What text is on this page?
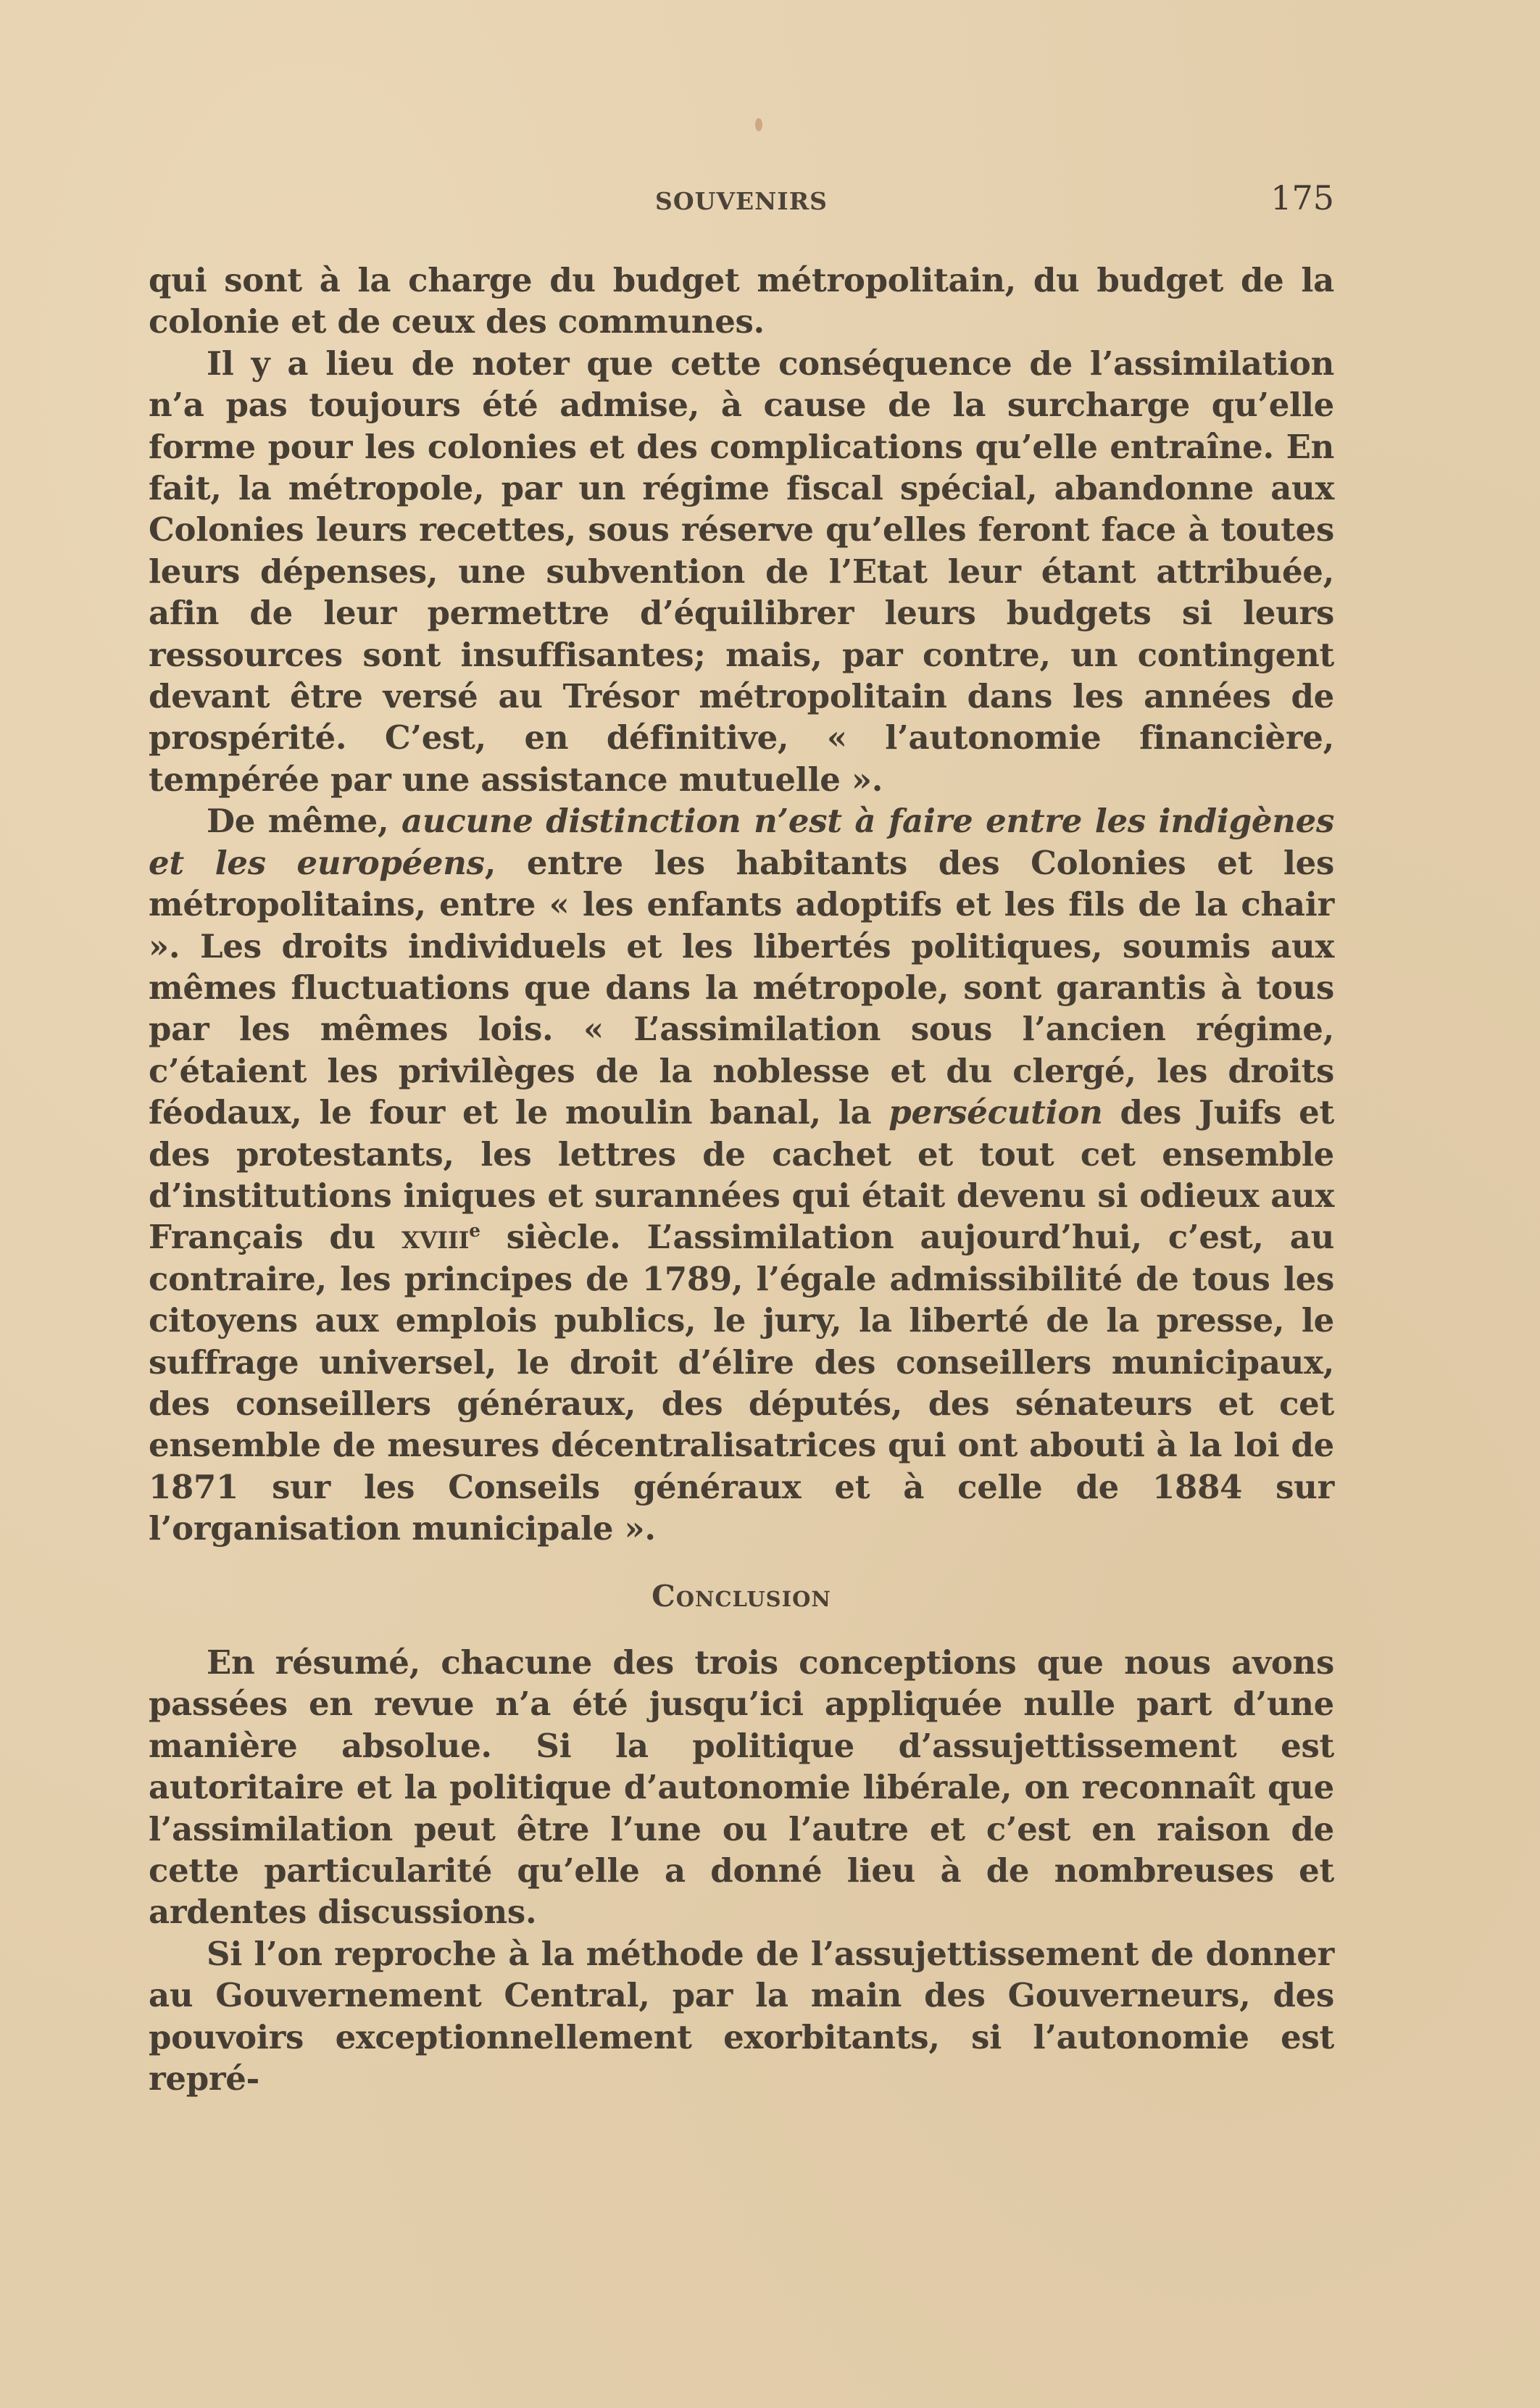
SOUVENIRS	175

qui sont à la charge du budget métropolitain, du budget de la colonie et de ceux des communes.

Il y a lieu de noter que cette conséquence de l’assimilation n’a pas toujours été admise, à cause de la surcharge qu’elle forme pour les colonies et des complications qu’elle entraîne. En fait, la métropole, par un régime fiscal spécial, abandonne aux Colonies leurs recettes, sous réserve qu’elles feront face à toutes leurs dépenses, une subvention de l’Etat leur étant attribuée, afin de leur permettre d’équilibrer leurs budgets si leurs ressources sont insuffisantes; mais, par contre, un contingent devant être versé au Trésor métropolitain dans les années de prospérité. C’est, en définitive, « l’autonomie financière, tempérée par une assistance mutuelle ».

De même, aucune distinction n’est à faire entre les indigènes et les européens, entre les habitants des Colonies et les métropolitains, entre « les enfants adoptifs et les fils de la chair ». Les droits individuels et les libertés politiques, soumis aux mêmes fluctuations que dans la métropole, sont garantis à tous par les mêmes lois. « L’assimilation sous l’ancien régime, c’étaient les privilèges de la noblesse et du clergé, les droits féodaux, le four et le moulin banal, la persécution des Juifs et des protestants, les lettres de cachet et tout cet ensemble d’institutions iniques et surannées qui était devenu si odieux aux Français du xviii$^e$ siècle. L’assimilation aujourd’hui, c’est, au contraire, les principes de 1789, l’égale admissibilité de tous les citoyens aux emplois publics, le jury, la liberté de la presse, le suffrage universel, le droit d’élire des conseillers municipaux, des conseillers généraux, des députés, des sénateurs et cet ensemble de mesures décentralisatrices qui ont abouti à la loi de 1871 sur les Conseils généraux et à celle de 1884 sur l’organisation municipale ».

Conclusion

En résumé, chacune des trois conceptions que nous avons passées en revue n’a été jusqu’ici appliquée nulle part d’une manière absolue. Si la politique d’assujettissement est autoritaire et la politique d’autonomie libérale, on reconnaît que l’assimilation peut être l’une ou l’autre et c’est en raison de cette particularité qu’elle a donné lieu à de nombreuses et ardentes discussions.

Si l’on reproche à la méthode de l’assujettissement de donner au Gouvernement Central, par la main des Gouverneurs, des pouvoirs exceptionnellement exorbitants, si l’autonomie est repré-
